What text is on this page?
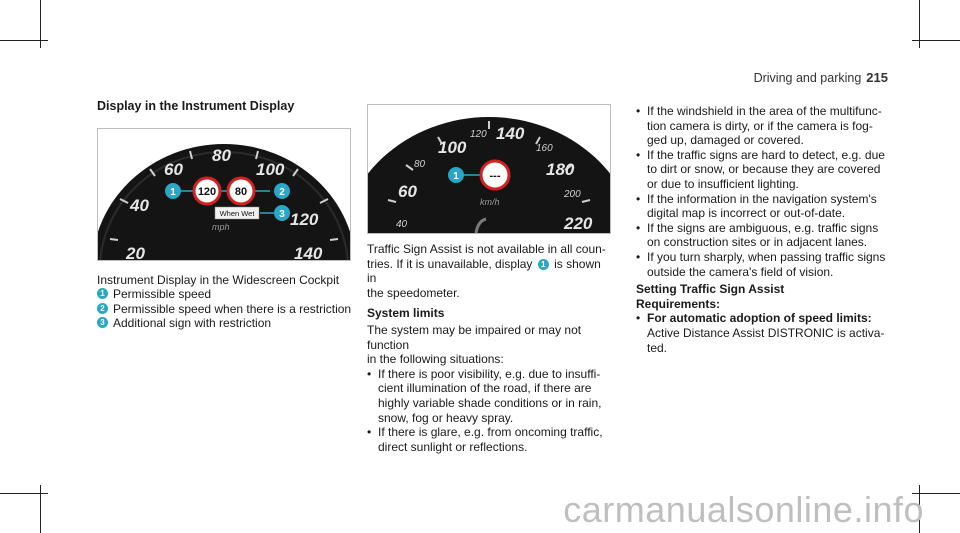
Driving and parking 215
Display in the Instrument Display
60
80
100
40
120
20	140
mph
1 120 80	2
When Wet 3

Instrument Display in the Widescreen Cockpit

1 Permissible speed
2 Permissible speed when there is a restriction
3 Additional sign with restriction
100
140
180
60
220
120
80
160
200
40
km/h
1	---

Traffic Sign Assist is not available in all coun-

tries. If it is unavailable, display 1 is shown in

the speedometer.

System limits

The system may be impaired or may not function

in the following situations:

• If there is poor visibility, e.g. due to insuffi-
cient illumination of the road, if there are
highly variable shade conditions or in rain,
snow, fog or heavy spray.
• If there is glare, e.g. from oncoming traffic,
direct sunlight or reflections.
• If the windshield in the area of the multifunc-
tion camera is dirty, or if the camera is fog-
ged up, damaged or covered.
• If the traffic signs are hard to detect, e.g. due
to dirt or snow, or because they are covered
or due to insufficient lighting.
• If the information in the navigation system's
digital map is incorrect or out-of-date.
• If the signs are ambiguous, e.g. traffic signs
on construction sites or in adjacent lanes.
• If you turn sharply, when passing traffic signs
outside the camera's field of vision.

Setting Traffic Sign Assist

Requirements:

• For automatic adoption of speed limits:
Active Distance Assist DISTRONIC is activa-
ted.
carmanualsonline.info
